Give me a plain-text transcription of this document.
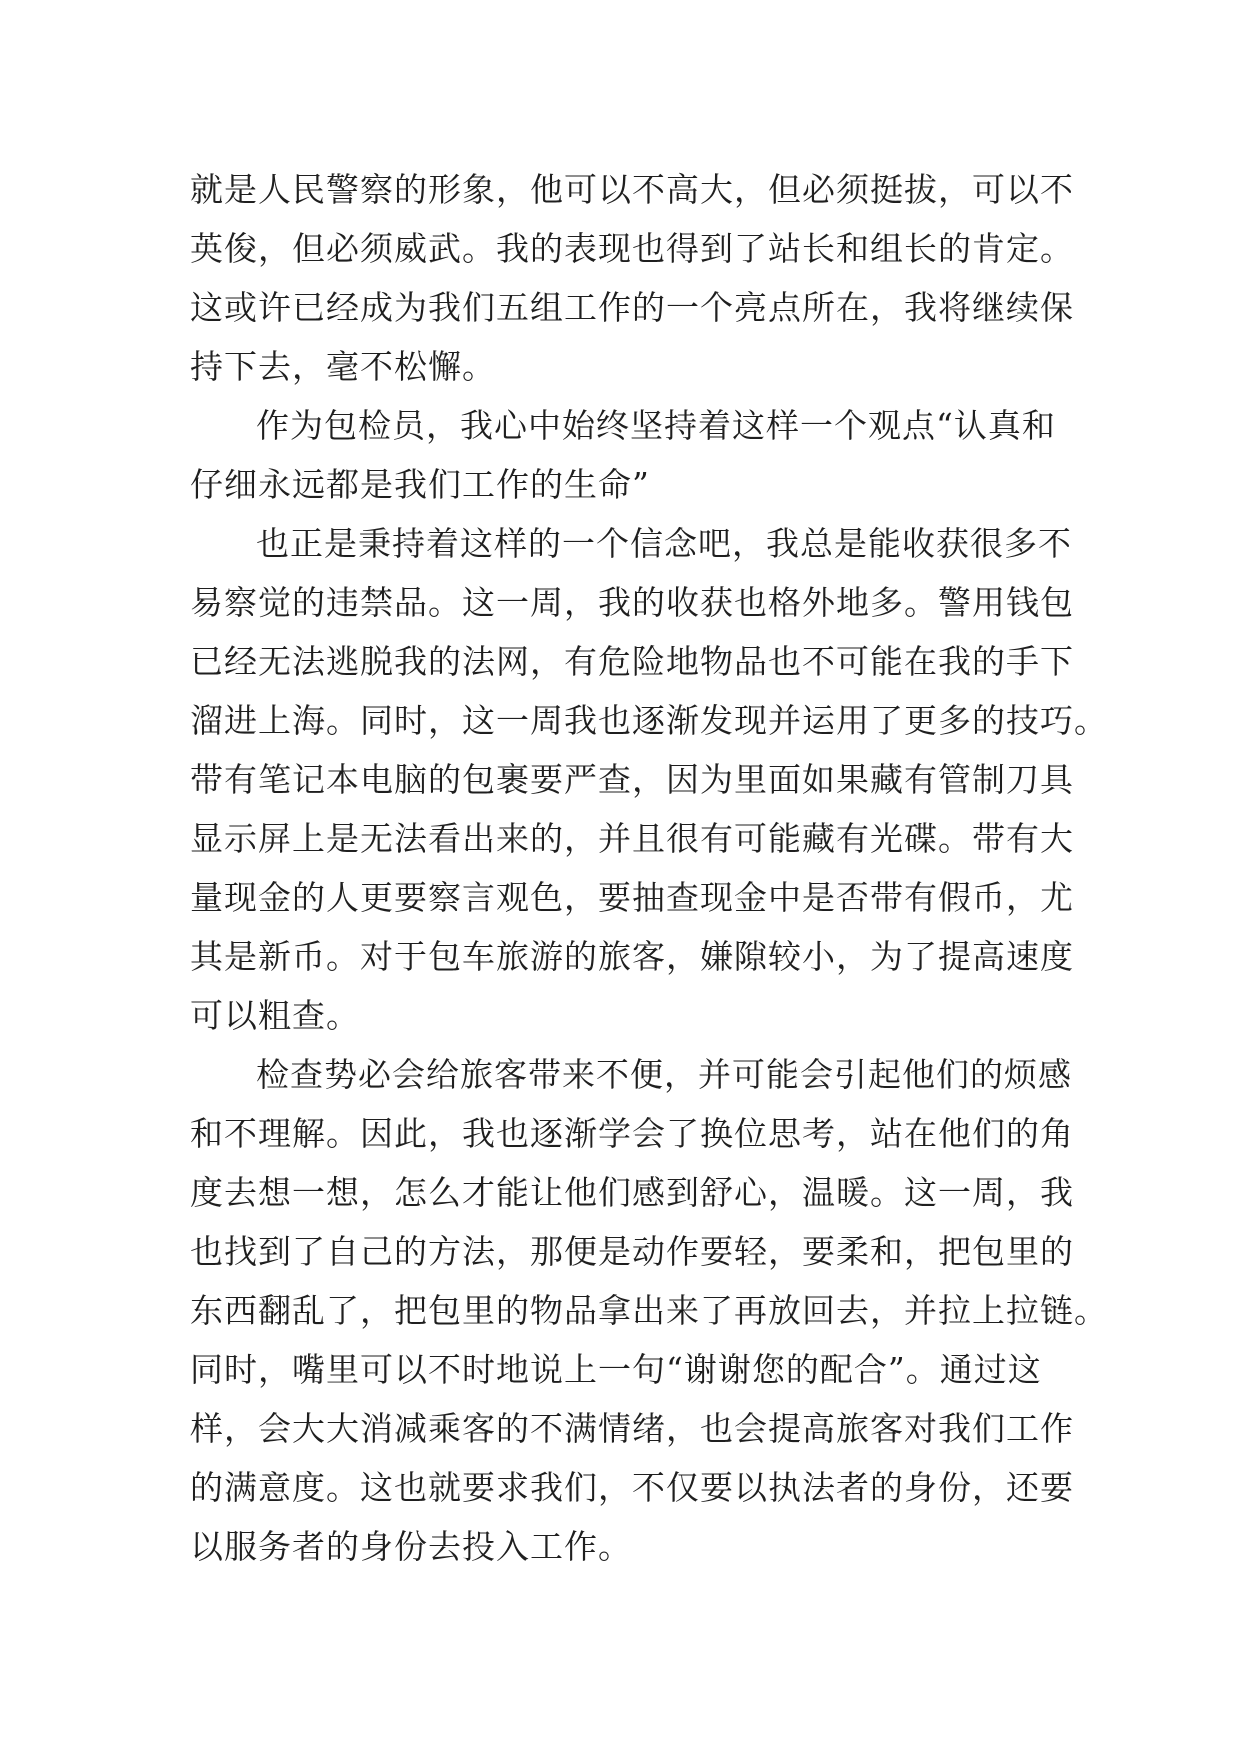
就是人民警察的形象，他可以不高大，但必须挺拔，可以不
英俊，但必须威武。我的表现也得到了站长和组长的肯定。
这或许已经成为我们五组工作的一个亮点所在，我将继续保
持下去，毫不松懈。
作为包检员，我心中始终坚持着这样一个观点“认真和
仔细永远都是我们工作的生命”
也正是秉持着这样的一个信念吧，我总是能收获很多不
易察觉的违禁品。这一周，我的收获也格外地多。警用钱包
已经无法逃脱我的法网，有危险地物品也不可能在我的手下
溜进上海。同时，这一周我也逐渐发现并运用了更多的技巧。
带有笔记本电脑的包裹要严查，因为里面如果藏有管制刀具
显示屏上是无法看出来的，并且很有可能藏有光碟。带有大
量现金的人更要察言观色，要抽查现金中是否带有假币，尤
其是新币。对于包车旅游的旅客，嫌隙较小，为了提高速度
可以粗查。
检查势必会给旅客带来不便，并可能会引起他们的烦感
和不理解。因此，我也逐渐学会了换位思考，站在他们的角
度去想一想，怎么才能让他们感到舒心，温暖。这一周，我
也找到了自己的方法，那便是动作要轻，要柔和，把包里的
东西翻乱了，把包里的物品拿出来了再放回去，并拉上拉链。
同时，嘴里可以不时地说上一句“谢谢您的配合”。通过这
样，会大大消减乘客的不满情绪，也会提高旅客对我们工作
的满意度。这也就要求我们，不仅要以执法者的身份，还要
以服务者的身份去投入工作。
